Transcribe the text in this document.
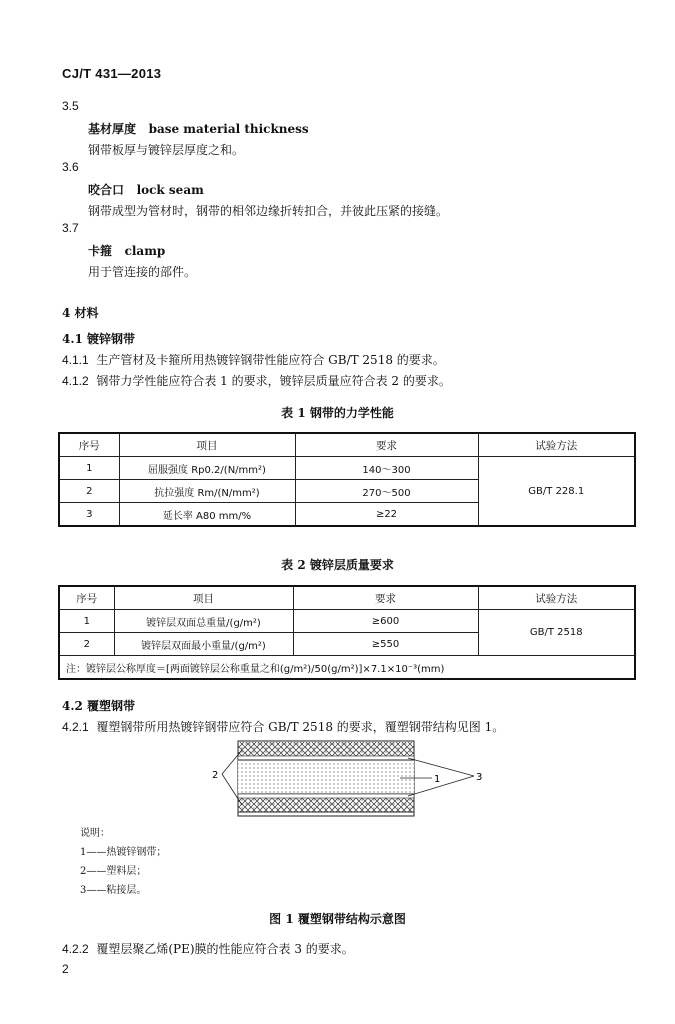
CJ/T 431—2013
3.5
基材厚度 base material thickness
钢带板厚与镀锌层厚度之和。
3.6
咬合口 lock seam
钢带成型为管材时，钢带的相邻边缘折转扣合，并彼此压紧的接缝。
3.7
卡箍 clamp
用于管连接的部件。
4 材料
4.1 镀锌钢带
4.1.1 生产管材及卡箍所用热镀锌钢带性能应符合 GB/T 2518 的要求。
4.1.2 钢带力学性能应符合表 1 的要求，镀锌层质量应符合表 2 的要求。
表 1 钢带的力学性能
序号	项目	要求	试验方法
1	屈服强度 Rp0.2/(N/mm²)	140～300	GB/T 228.1
2	抗拉强度 Rm/(N/mm²)	270～500	
3	延长率 A80 mm/%	≥22	
表 2 镀锌层质量要求
序号	项目	要求	试验方法
1	镀锌层双面总重量/(g/m²)	≥600	GB/T 2518
2	镀锌层双面最小重量/(g/m²)	≥550	
注：镀锌层公称厚度＝[两面镀锌层公称重量之和(g/m²)/50(g/m²)]×7.1×10⁻³(mm)			
4.2 覆塑钢带
4.2.1 覆塑钢带所用热镀锌钢带应符合 GB/T 2518 的要求，覆塑钢带结构见图 1。
2	1	3
说明：
1——热镀锌钢带；
2——塑料层；
3——粘接层。
图 1 覆塑钢带结构示意图
4.2.2 覆塑层聚乙烯(PE)膜的性能应符合表 3 的要求。
2
